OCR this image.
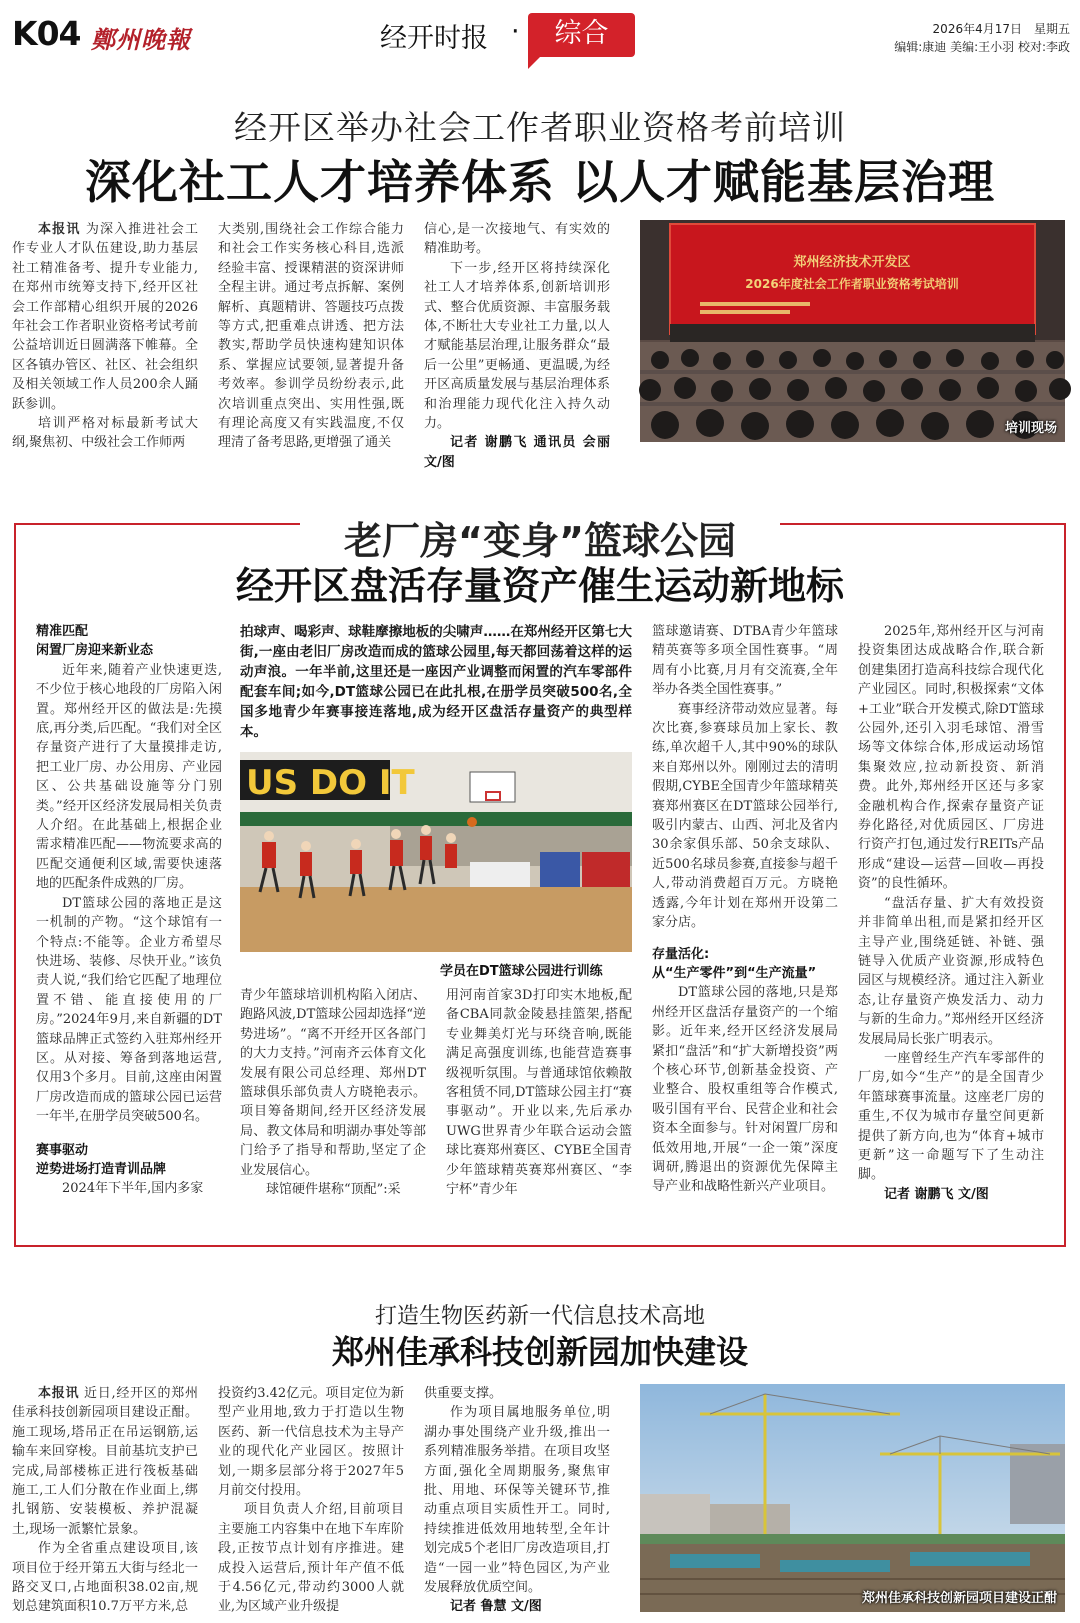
K04 鄭州晚報	经开时报 ·	综合	2026年4月17日　星期五
编辑:康迪 美编:王小羽 校对:李政
经开区举办社会工作者职业资格考前培训
深化社工人才培养体系 以人才赋能基层治理

本报讯 为深入推进社会工作专业人才队伍建设,助力基层社工精准备考、提升专业能力,在郑州市统筹支持下,经开区社会工作部精心组织开展的2026年社会工作者职业资格考试考前公益培训近日圆满落下帷幕。全区各镇办管区、社区、社会组织及相关领域工作人员200余人踊跃参训。

培训严格对标最新考试大纲,聚焦初、中级社会工作师两

大类别,围绕社会工作综合能力和社会工作实务核心科目,选派经验丰富、授课精湛的资深讲师全程主讲。通过考点拆解、案例解析、真题精讲、答题技巧点拨等方式,把重难点讲透、把方法教实,帮助学员快速构建知识体系、掌握应试要领,显著提升备考效率。参训学员纷纷表示,此次培训重点突出、实用性强,既有理论高度又有实践温度,不仅理清了备考思路,更增强了通关

信心,是一次接地气、有实效的精准助考。

下一步,经开区将持续深化社工人才培养体系,创新培训形式、整合优质资源、丰富服务载体,不断壮大专业社工力量,以人才赋能基层治理,让服务群众“最后一公里”更畅通、更温暖,为经开区高质量发展与基层治理体系和治理能力现代化注入持久动力。

记者 谢鹏飞 通讯员 会丽 文/图

郑州经济技术开发区
2026年度社会工作者职业资格考试培训
培训现场
老厂房“变身”篮球公园
经开区盘活存量资产催生运动新地标
精准匹配
闲置厂房迎来新业态

近年来,随着产业快速更迭,不少位于核心地段的厂房陷入闲置。郑州经开区的做法是:先摸底,再分类,后匹配。“我们对全区存量资产进行了大量摸排走访,把工业厂房、办公用房、产业园区、公共基础设施等分门别类。”经开区经济发展局相关负责人介绍。在此基础上,根据企业需求精准匹配——物流要求高的匹配交通便利区域,需要快速落地的匹配条件成熟的厂房。

DT篮球公园的落地正是这一机制的产物。“这个球馆有一个特点:不能等。企业方希望尽快进场、装修、尽快开业。”该负责人说,“我们给它匹配了地理位置不错、能直接使用的厂房。”2024年9月,来自新疆的DT篮球品牌正式签约入驻郑州经开区。从对接、筹备到落地运营,仅用3个多月。目前,这座由闲置厂房改造而成的篮球公园已运营一年半,在册学员突破500名。

赛事驱动
逆势进场打造青训品牌

2024年下半年,国内多家

拍球声、喝彩声、球鞋摩擦地板的尖啸声……在郑州经开区第七大街,一座由老旧厂房改造而成的篮球公园里,每天都回荡着这样的运动声浪。一年半前,这里还是一座因产业调整而闲置的汽车零部件配套车间;如今,DT篮球公园已在此扎根,在册学员突破500名,全国多地青少年赛事接连落地,成为经开区盘活存量资产的典型样本。
US DO IT
学员在DT篮球公园进行训练

青少年篮球培训机构陷入闭店、跑路风波,DT篮球公园却选择“逆势进场”。“离不开经开区各部门的大力支持。”河南齐云体育文化发展有限公司总经理、郑州DT篮球俱乐部负责人方晓艳表示。项目筹备期间,经开区经济发展局、教文体局和明湖办事处等部门给予了指导和帮助,坚定了企业发展信心。

球馆硬件堪称“顶配”:采

用河南首家3D打印实木地板,配备CBA同款金陵悬挂篮架,搭配专业舞美灯光与环绕音响,既能满足高强度训练,也能营造赛事级视听氛围。与普通球馆依赖散客租赁不同,DT篮球公园主打“赛事驱动”。开业以来,先后承办UWG世界青少年联合运动会篮球比赛郑州赛区、CYBE全国青少年篮球精英赛郑州赛区、“李宁杯”青少年

篮球邀请赛、DTBA青少年篮球精英赛等多项全国性赛事。“周周有小比赛,月月有交流赛,全年举办各类全国性赛事。”

赛事经济带动效应显著。每次比赛,参赛球员加上家长、教练,单次超千人,其中90%的球队来自郑州以外。刚刚过去的清明假期,CYBE全国青少年篮球精英赛郑州赛区在DT篮球公园举行,吸引内蒙古、山西、河北及省内30余家俱乐部、50余支球队、近500名球员参赛,直接参与超千人,带动消费超百万元。方晓艳透露,今年计划在郑州开设第二家分店。

存量活化:
从“生产零件”到“生产流量”

DT篮球公园的落地,只是郑州经开区盘活存量资产的一个缩影。近年来,经开区经济发展局紧扣“盘活”和“扩大新增投资”两个核心环节,创新基金投资、产业整合、股权重组等合作模式,吸引国有平台、民营企业和社会资本全面参与。针对闲置厂房和低效用地,开展“一企一策”深度调研,腾退出的资源优先保障主导产业和战略性新兴产业项目。

2025年,郑州经开区与河南投资集团达成战略合作,联合新创建集团打造高科技综合现代化产业园区。同时,积极探索“文体+工业”联合开发模式,除DT篮球公园外,还引入羽毛球馆、滑雪场等文体综合体,形成运动场馆集聚效应,拉动新投资、新消费。此外,郑州经开区还与多家金融机构合作,探索存量资产证券化路径,对优质园区、厂房进行资产打包,通过发行REITs产品形成“建设—运营—回收—再投资”的良性循环。

“盘活存量、扩大有效投资并非简单出租,而是紧扣经开区主导产业,围绕延链、补链、强链导入优质产业资源,形成特色园区与规模经济。通过注入新业态,让存量资产焕发活力、动力与新的生命力。”郑州经开区经济发展局局长张广明表示。

一座曾经生产汽车零部件的厂房,如今“生产”的是全国青少年篮球赛事流量。这座老厂房的重生,不仅为城市存量空间更新提供了新方向,也为“体育+城市更新”这一命题写下了生动注脚。

记者 谢鹏飞 文/图

打造生物医药新一代信息技术高地
郑州佳承科技创新园加快建设

本报讯 近日,经开区的郑州佳承科技创新园项目建设正酣。施工现场,塔吊正在吊运钢筋,运输车来回穿梭。目前基坑支护已完成,局部楼栋正进行筏板基础施工,工人们分散在作业面上,绑扎钢筋、安装模板、养护混凝土,现场一派繁忙景象。

作为全省重点建设项目,该项目位于经开第五大街与经北一路交叉口,占地面积38.02亩,规划总建筑面积10.7万平方米,总

投资约3.42亿元。项目定位为新型产业用地,致力于打造以生物医药、新一代信息技术为主导产业的现代化产业园区。按照计划,一期多层部分将于2027年5月前交付投用。

项目负责人介绍,目前项目主要施工内容集中在地下车库阶段,正按节点计划有序推进。建成投入运营后,预计年产值不低于4.56亿元,带动约3000人就业,为区域产业升级提

供重要支撑。

作为项目属地服务单位,明湖办事处围绕产业升级,推出一系列精准服务举措。在项目攻坚方面,强化全周期服务,聚焦审批、用地、环保等关键环节,推动重点项目实质性开工。同时,持续推进低效用地转型,全年计划完成5个老旧厂房改造项目,打造“一园一业”特色园区,为产业发展释放优质空间。

记者 鲁慧 文/图

郑州佳承科技创新园项目建设正酣
